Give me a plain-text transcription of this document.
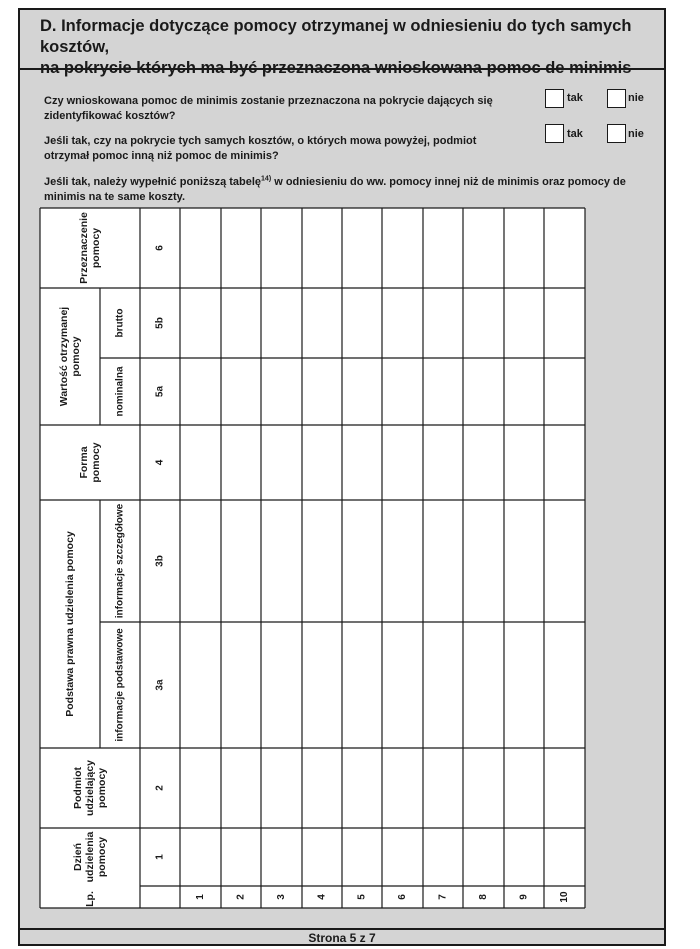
D. Informacje dotyczące pomocy otrzymanej w odniesieniu do tych samych kosztów,
na pokrycie których ma być przeznaczona wnioskowana pomoc de minimis
Czy wnioskowana pomoc de minimis zostanie przeznaczona na pokrycie dających się zidentyfikować kosztów?
tak	nie
Jeśli tak, czy na pokrycie tych samych kosztów, o których mowa powyżej, podmiot otrzymał pomoc inną niż pomoc de minimis?
tak	nie
Jeśli tak, należy wypełnić poniższą tabelę$^{14)}$ w odniesieniu do ww. pomocy innej niż de minimis oraz pomocy de minimis na te same koszty.
Strona 5 z 7
Dzień udzielenia pomocy	1
Podmiot udzielający pomocy	2
Podstawa prawna udzielenia pomocy	informacje podstawowe	3a
informacje szczegółowe	3b
Forma pomocy	4
Wartość otrzymanej pomocy
nominalna	5a
brutto	5b
Przeznaczenie pomocy	6
Lp.	1	2	3	4	5	6	7	8	9	10
